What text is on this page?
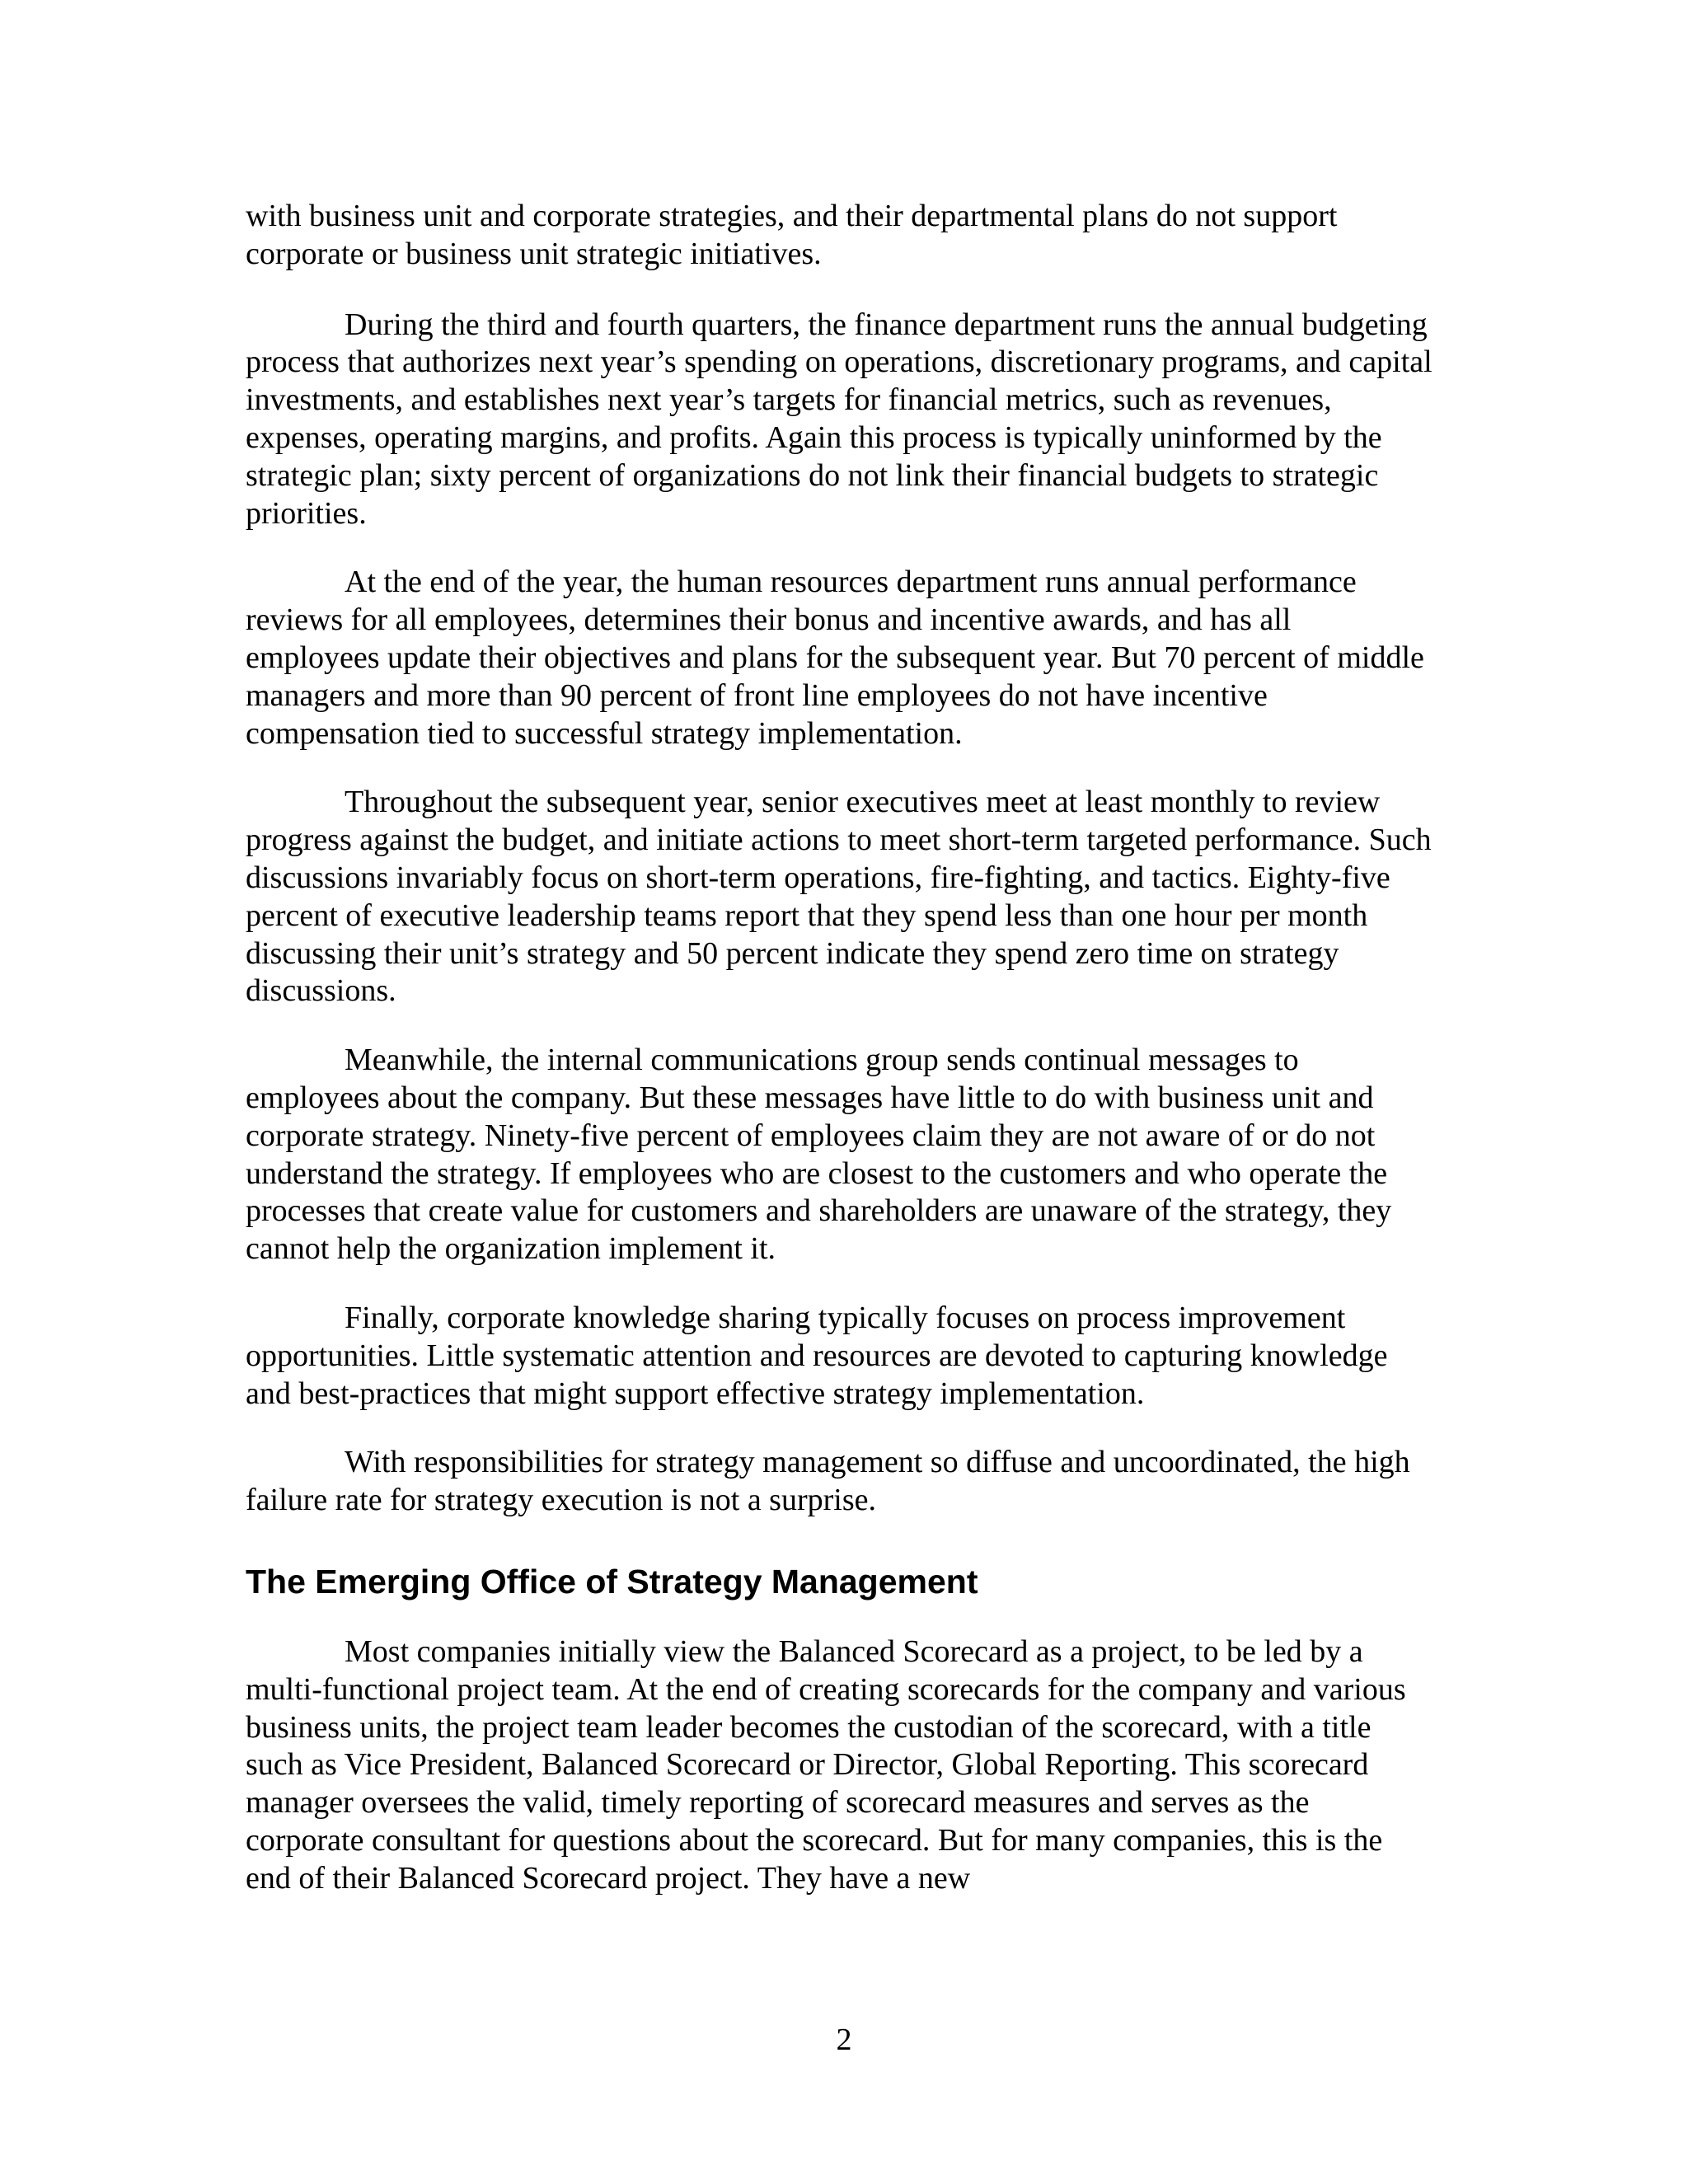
with business unit and corporate strategies, and their departmental plans do not support corporate or business unit strategic initiatives.

During the third and fourth quarters, the finance department runs the annual budgeting process that authorizes next year’s spending on operations, discretionary programs, and capital investments, and establishes next year’s targets for financial metrics, such as revenues, expenses, operating margins, and profits. Again this process is typically uninformed by the strategic plan; sixty percent of organizations do not link their financial budgets to strategic priorities.

At the end of the year, the human resources department runs annual performance reviews for all employees, determines their bonus and incentive awards, and has all employees update their objectives and plans for the subsequent year. But 70 percent of middle managers and more than 90 percent of front line employees do not have incentive compensation tied to successful strategy implementation.

Throughout the subsequent year, senior executives meet at least monthly to review progress against the budget, and initiate actions to meet short-term targeted performance. Such discussions invariably focus on short-term operations, fire-fighting, and tactics. Eighty-five percent of executive leadership teams report that they spend less than one hour per month discussing their unit’s strategy and 50 percent indicate they spend zero time on strategy discussions.

Meanwhile, the internal communications group sends continual messages to employees about the company. But these messages have little to do with business unit and corporate strategy. Ninety-five percent of employees claim they are not aware of or do not understand the strategy. If employees who are closest to the customers and who operate the processes that create value for customers and shareholders are unaware of the strategy, they cannot help the organization implement it.

Finally, corporate knowledge sharing typically focuses on process improvement opportunities. Little systematic attention and resources are devoted to capturing knowledge and best-practices that might support effective strategy implementation.

With responsibilities for strategy management so diffuse and uncoordinated, the high failure rate for strategy execution is not a surprise.

The Emerging Office of Strategy Management

Most companies initially view the Balanced Scorecard as a project, to be led by a multi-functional project team. At the end of creating scorecards for the company and various business units, the project team leader becomes the custodian of the scorecard, with a title such as Vice President, Balanced Scorecard or Director, Global Reporting. This scorecard manager oversees the valid, timely reporting of scorecard measures and serves as the corporate consultant for questions about the scorecard. But for many companies, this is the end of their Balanced Scorecard project. They have a new

2
